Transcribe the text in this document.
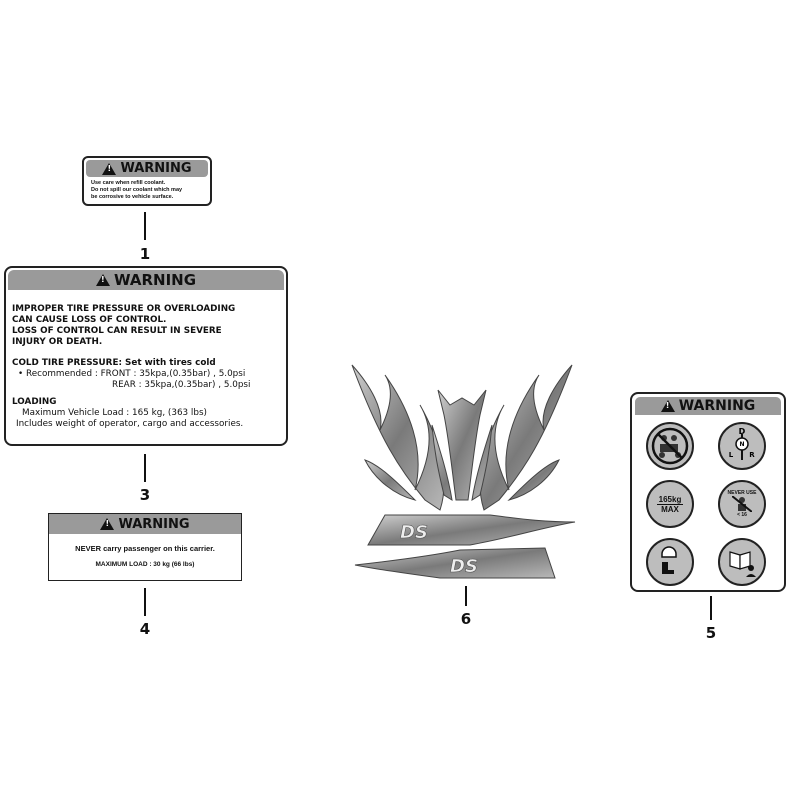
!
WARNING
Use care when refill coolant.
Do not spill our coolant which may
be corrosive to vehicle surface.
1
!
WARNING
IMPROPER TIRE PRESSURE OR OVERLOADING
CAN CAUSE LOSS OF CONTROL.
LOSS OF CONTROL CAN RESULT IN SEVERE
INJURY OR DEATH.
COLD TIRE PRESSURE: Set with tires cold
• Recommended : FRONT : 35kpa,(0.35bar) , 5.0psi
REAR : 35kpa,(0.35bar) , 5.0psi
LOADING
Maximum Vehicle Load : 165 kg, (363 lbs)
Includes weight of operator, cargo and accessories.
3
!
WARNING
NEVER carry passenger on this carrier.
MAXIMUM LOAD : 30 kg (66 lbs)
4
!
WARNING
D
N
L R
165kg
MAX
NEVER USE
< 16
5
DS
DS
6
